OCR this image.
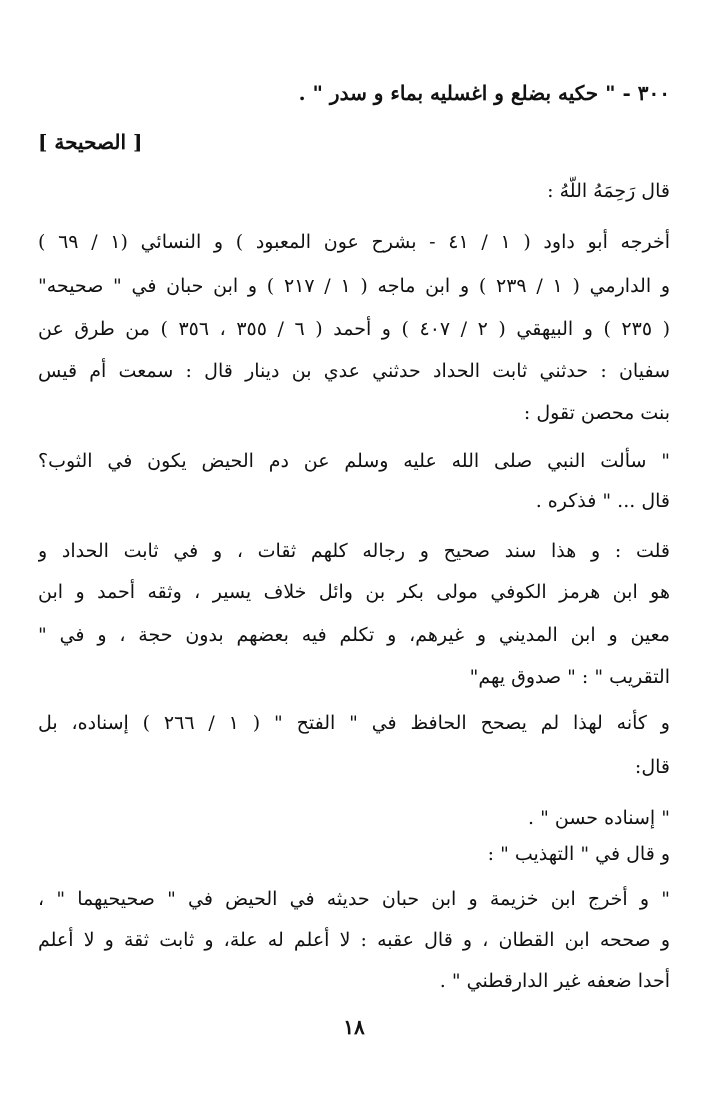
٣٠٠ - " حكيه بضلع و اغسليه بماء و سدر " .
[ الصحيحة ]
قال رَحِمَهُ اللَّهُ :
أخرجه أبو داود ( ١ / ٤١ - بشرح عون المعبود ) و النسائي (١ / ٦٩ )
و الدارمي ( ١ / ٢٣٩ ) و ابن ماجه ( ١ / ٢١٧ ) و ابن حبان في " صحيحه"
( ٢٣٥ ) و البيهقي ( ٢ / ٤٠٧ ) و أحمد ( ٦ / ٣٥٥ ، ٣٥٦ ) من طرق عن
سفيان : حدثني ثابت الحداد حدثني عدي بن دينار قال : سمعت أم قيس
بنت محصن تقول :
" سألت النبي صلى الله عليه وسلم عن دم الحيض يكون في الثوب؟
قال ... " فذكره .
قلت : و هذا سند صحيح و رجاله كلهم ثقات ، و في ثابت الحداد و
هو ابن هرمز الكوفي مولى بكر بن وائل خلاف يسير ، وثقه أحمد و ابن
معين و ابن المديني و غيرهم، و تكلم فيه بعضهم بدون حجة ، و في "
التقريب " : " صدوق يهم"
و كأنه لهذا لم يصحح الحافظ في " الفتح " ( ١ / ٢٦٦ ) إسناده، بل
قال:
" إسناده حسن " .
و قال في " التهذيب " :
" و أخرج ابن خزيمة و ابن حبان حديثه في الحيض في " صحيحيهما " ،
و صححه ابن القطان ، و قال عقبه : لا أعلم له علة، و ثابت ثقة و لا أعلم
أحدا ضعفه غير الدارقطني " .
١٨
